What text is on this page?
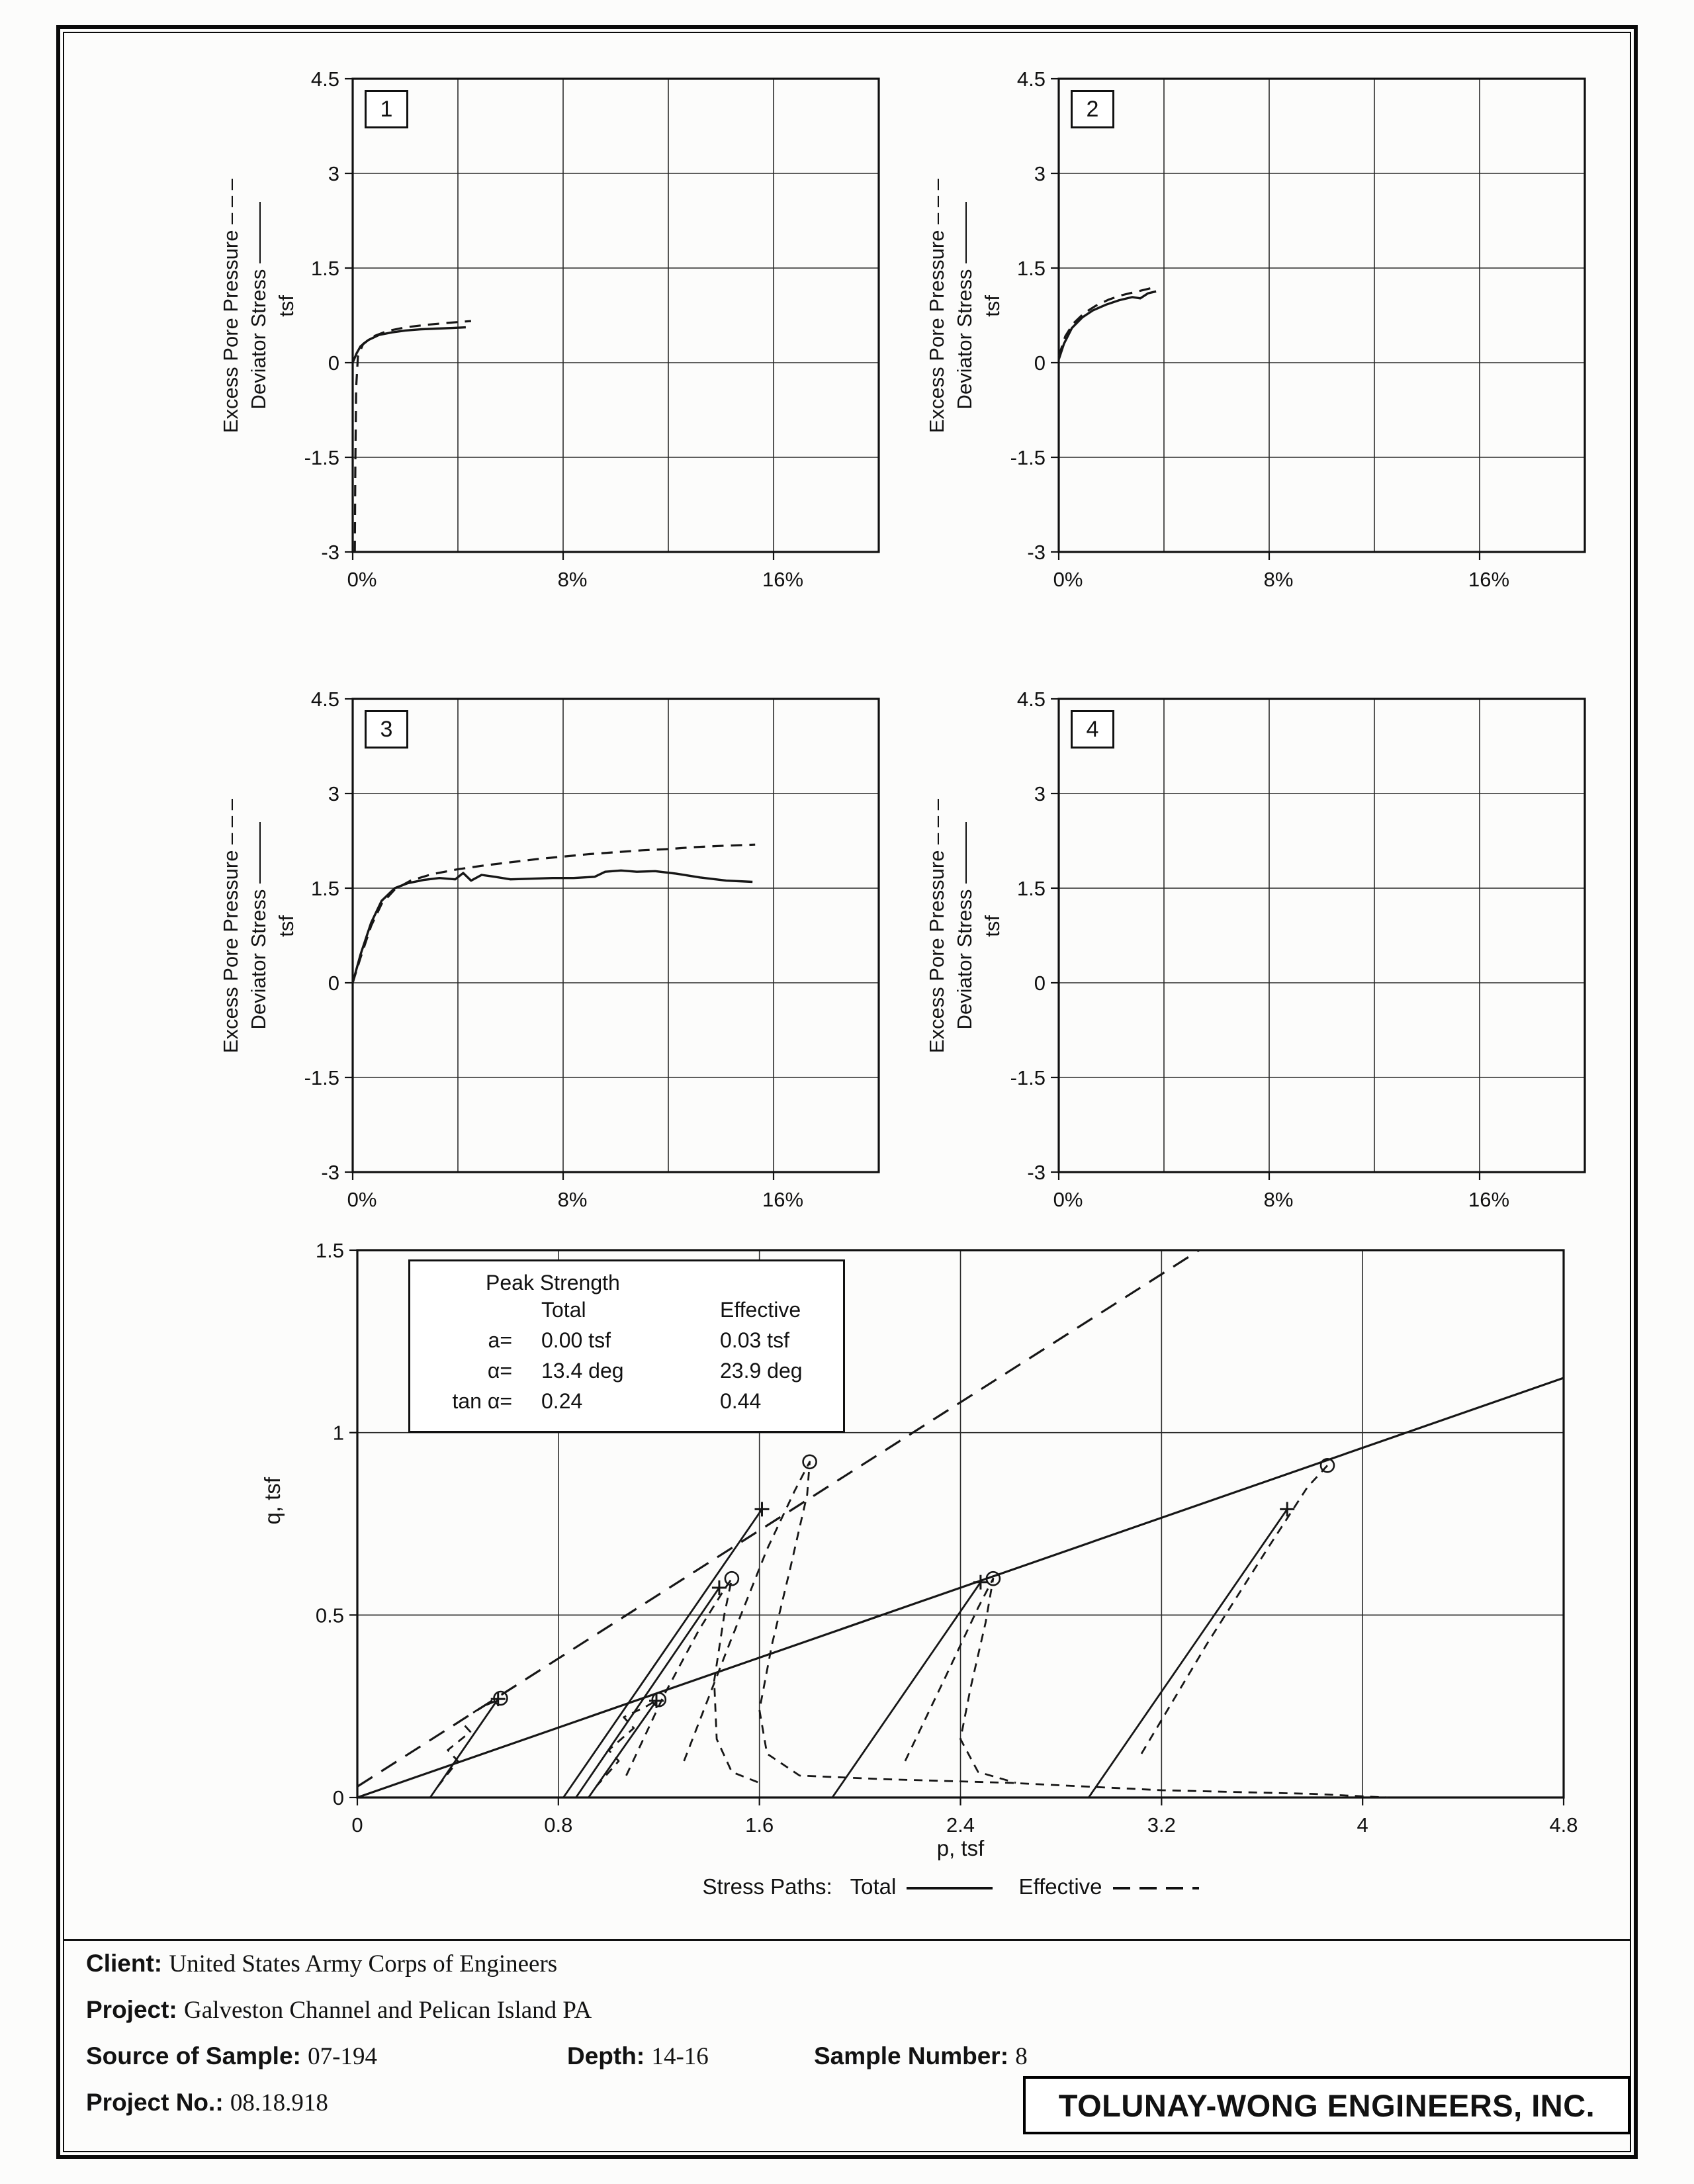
Excess Pore Pressure – – – Deviator Stress ——— tsf
4.5
3
1.5
0
-1.5
-3
0%	8%	16%
1
Excess Pore Pressure – – – Deviator Stress ——— tsf
4.5
3
1.5
0
-1.5
-3
0%	8%	16%
2
Excess Pore Pressure – – – Deviator Stress ——— tsf
4.5
3
1.5
0
-1.5
-3
0%	8%	16%
3
Excess Pore Pressure – – – Deviator Stress ——— tsf
4.5
3
1.5
0
-1.5
-3
0%	8%	16%
4
q, tsf
0
0.5
1
1.5
0	0.8	1.6	2.4	3.2	4	4.8
Peak Strength
Total	Effective
a=	0.00 tsf	0.03 tsf
α=	13.4 deg	23.9 deg
tan α=	0.24	0.44
p, tsf
Stress Paths: Total	Effective
Client: United States Army Corps of Engineers
Project: Galveston Channel and Pelican Island PA
Source of Sample: 07-194	Depth: 14-16	Sample Number: 8
Project No.: 08.18.918	TOLUNAY-WONG ENGINEERS, INC.
